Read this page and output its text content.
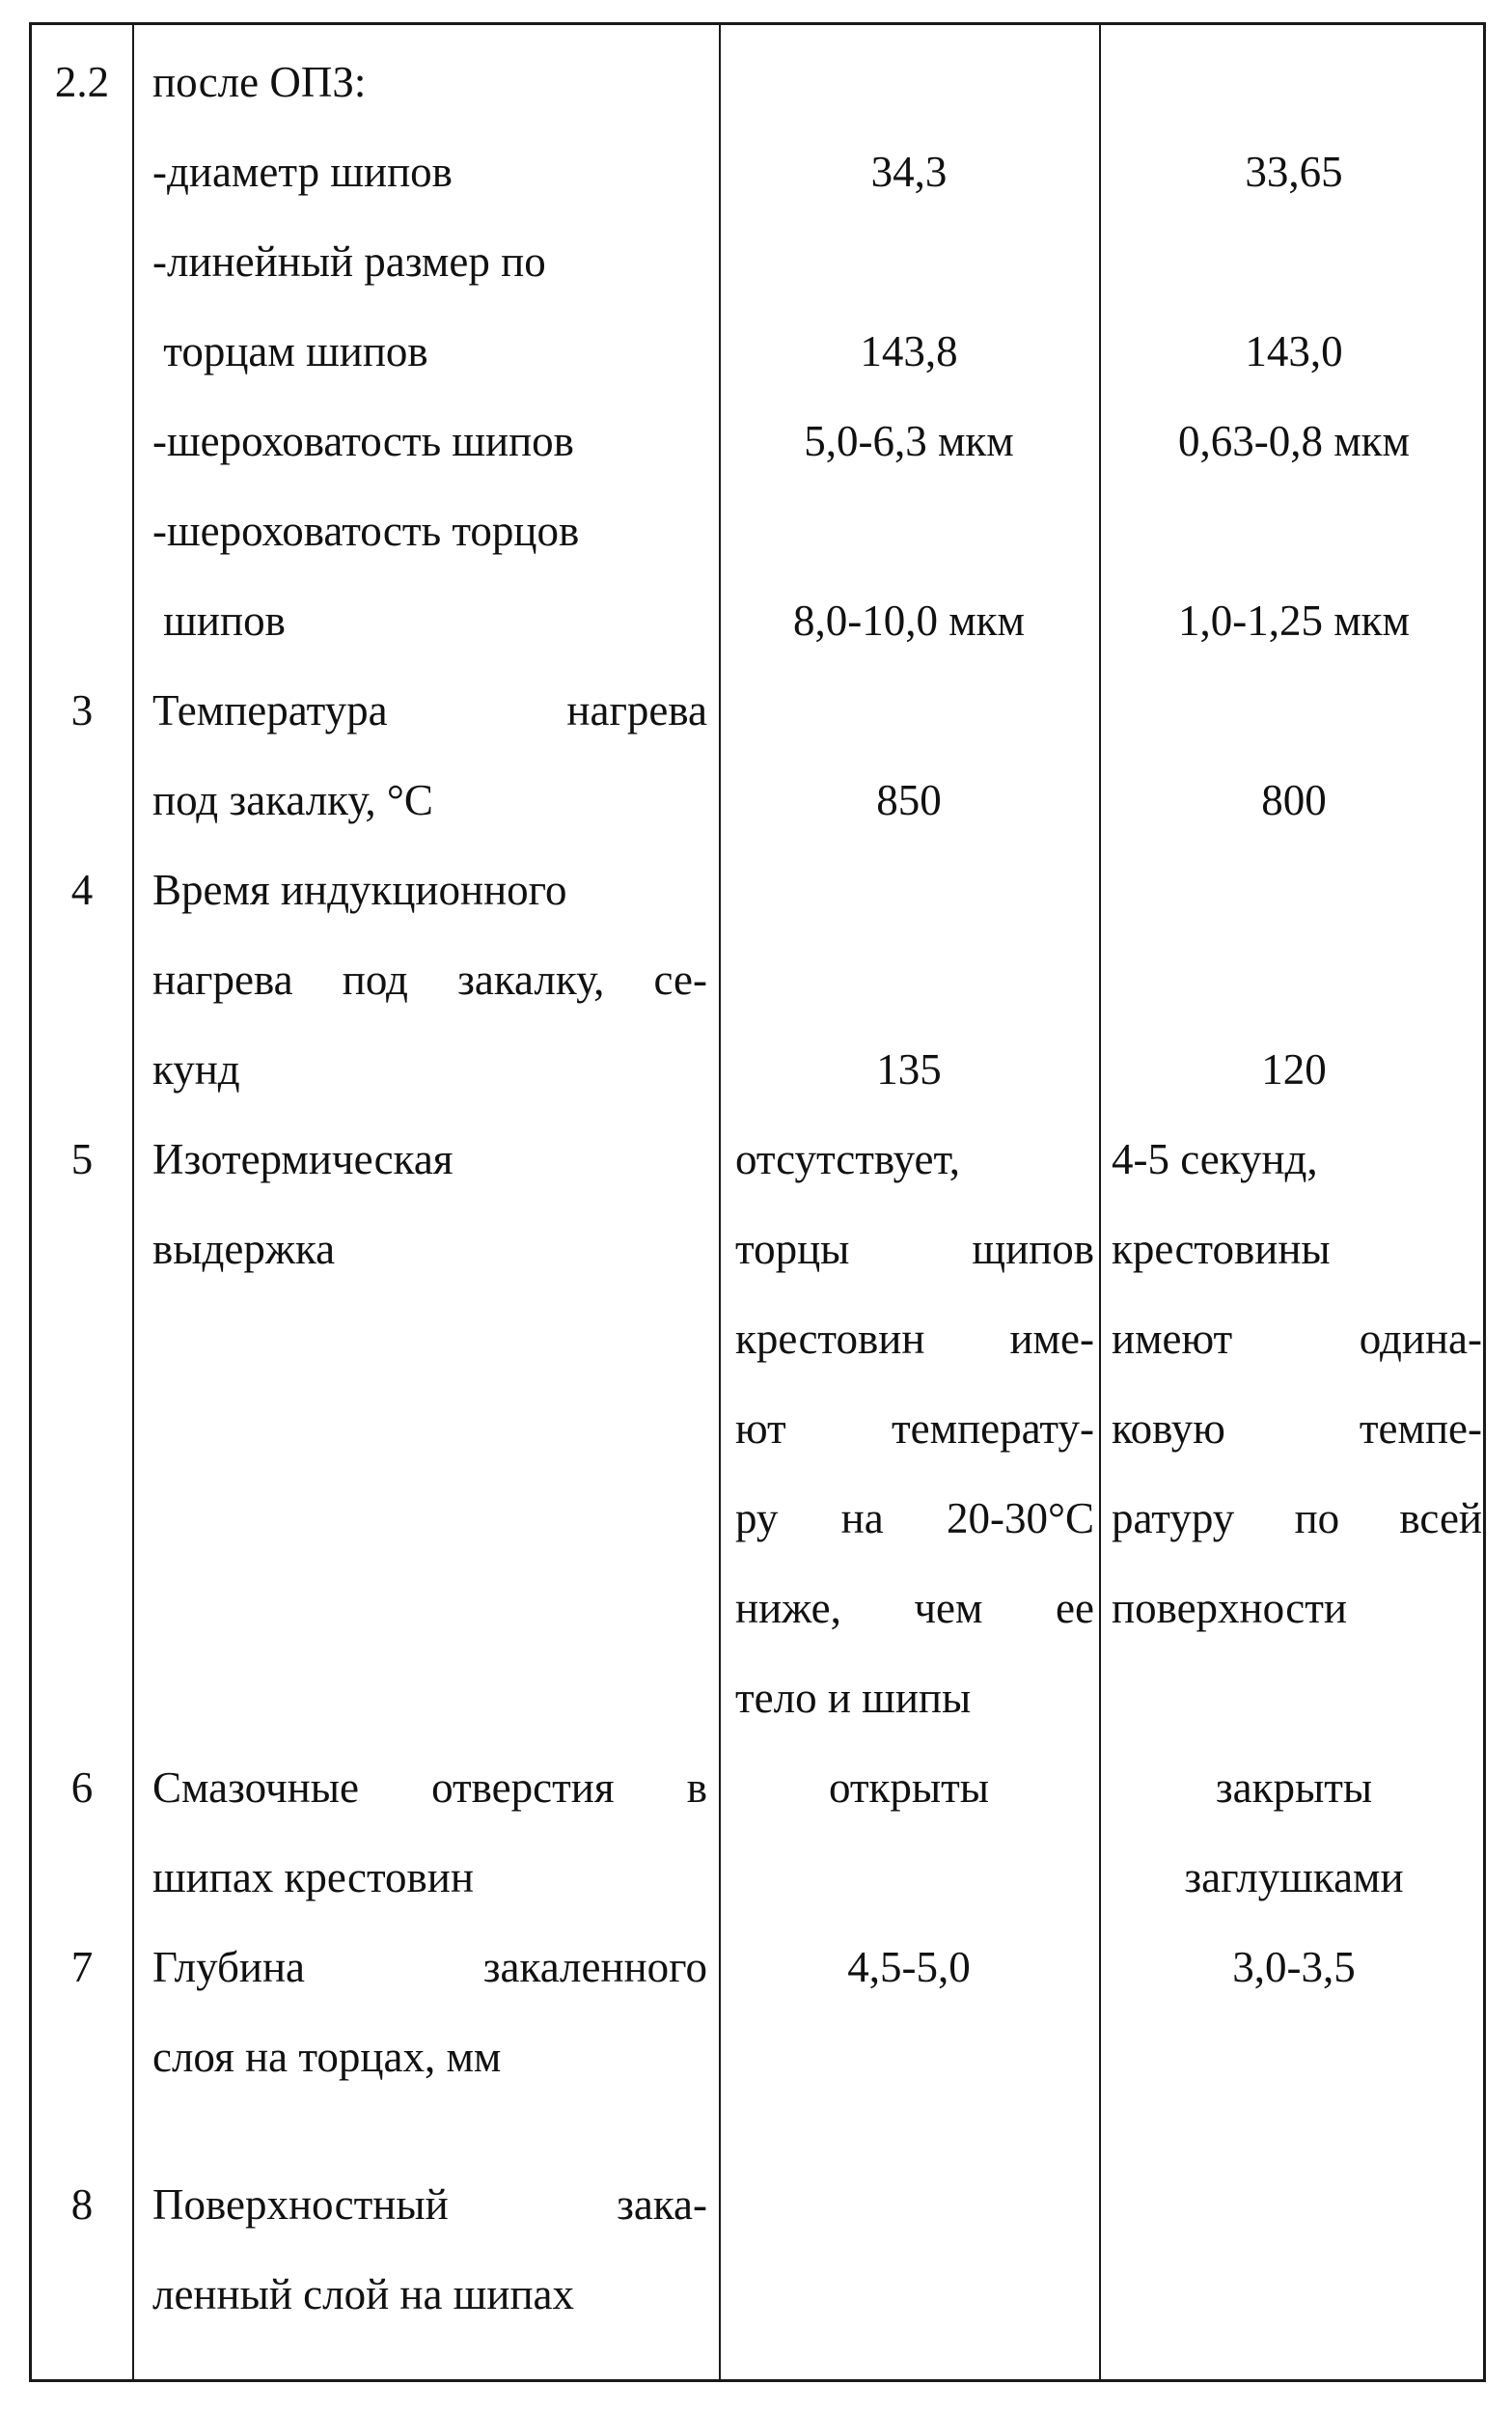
2.2 после ОПЗ:
-диаметр шипов	34,3	33,65
-линейный размер по
торцам шипов	143,8	143,0
-шероховатость шипов	5,0-6,3 мкм	0,63-0,8 мкм
-шероховатость торцов
шипов	8,0-10,0 мкм	1,0-1,25 мкм
3	Температура нагрева
под закалку, °С	850	800
4	Время индукционного
нагрева под закалку, се-
кунд	135	120
5	Изотермическая
выдержка
отсутствует,
торцы щипов
крестовин име-
ют температу-
ру на 20-30°С
ниже, чем ее
тело и шипы
4-5 секунд,
крестовины
имеют одина-
ковую темпе-
ратуру по всей
поверхности
6	Смазочные отверстия в
шипах крестовин
открыты	закрыты
заглушками
7	Глубина закаленного
слоя на торцах, мм
4,5-5,0	3,0-3,5
8	Поверхностный зака-
ленный слой на шипах
